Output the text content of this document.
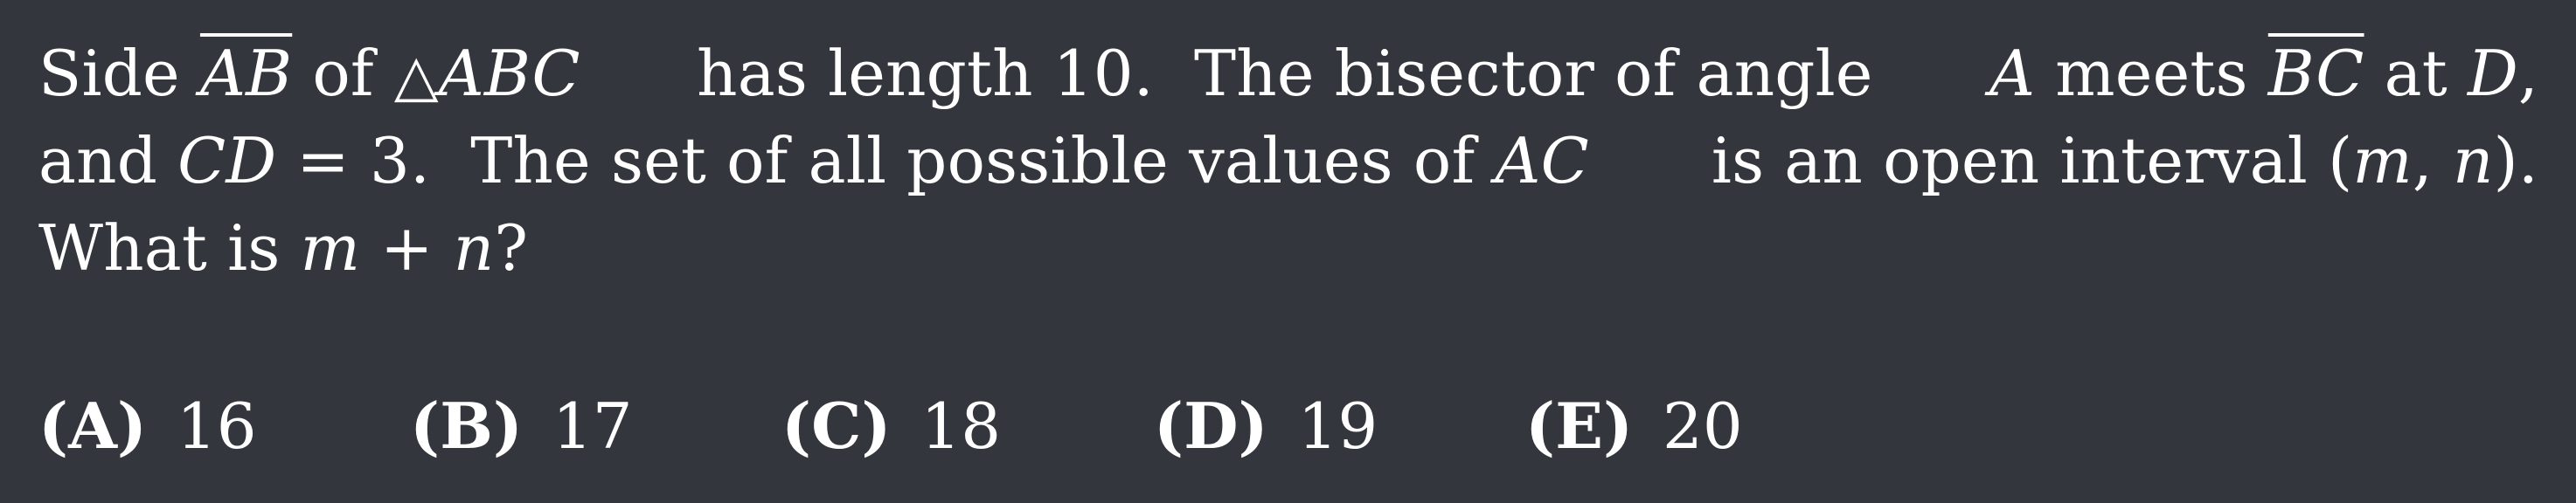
Side $\overline{AB}$ of △ABC has length 10.  The bisector of angle A meets $\overline{BC}$ at D,
and CD = 3.  The set of all possible values of AC is an open interval (m, n).
What is m + n?
(A) 16 (B) 17 (C) 18 (D) 19 (E) 20
